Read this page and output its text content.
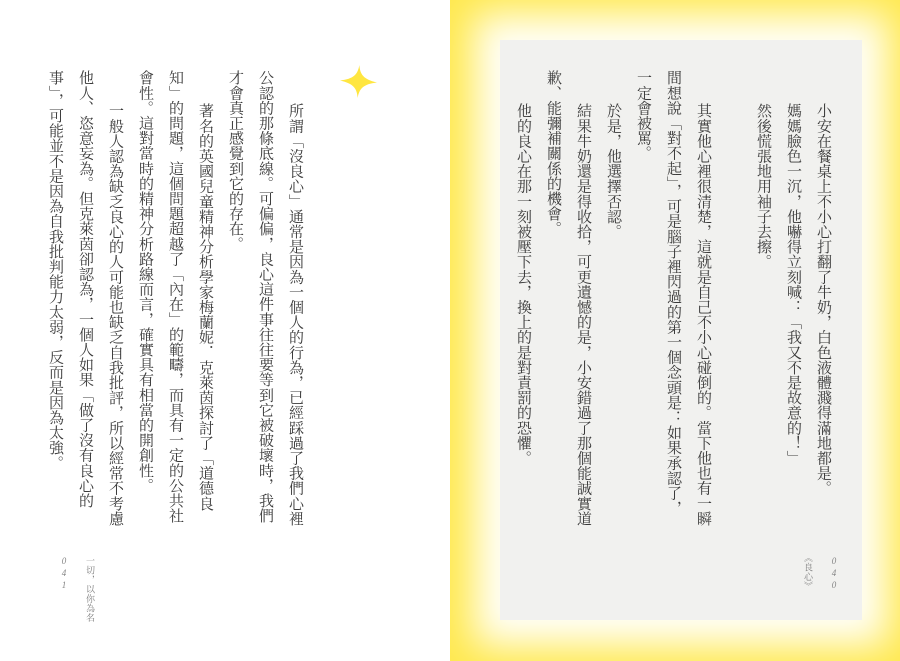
所謂「沒良心」通常是因為一個人的行為，已經踩過了我們心裡公認的那條底線。可偏偏，良心這件事往往要等到它被破壞時，我們才會真正感覺到它的存在。

著名的英國兒童精神分析學家梅蘭妮．克萊茵探討了「道德良知」的問題，這個問題超越了「內在」的範疇，而具有一定的公共社會性。這對當時的精神分析路線而言，確實具有相當的開創性。

一般人認為缺乏良心的人可能也缺乏自我批評，所以經常不考慮他人、恣意妄為。但克萊茵卻認為，一個人如果「做了沒有良心的事」，可能並不是因為自我批判能力太弱，反而是因為太強。

041 一切，以你為名

小安在餐桌上不小心打翻了牛奶，白色液體濺得滿地都是。

媽媽臉色一沉，他嚇得立刻喊：「我又不是故意的！」

然後慌張地用袖子去擦。

其實他心裡很清楚，這就是自己不小心碰倒的。當下他也有一瞬間想說「對不起」，可是腦子裡閃過的第一個念頭是：如果承認了，一定會被罵。

於是，他選擇否認。

結果牛奶還是得收拾，可更遺憾的是，小安錯過了那個能誠實道歉、能彌補關係的機會。

他的良心在那一刻被壓下去，換上的是對責罰的恐懼。

《良心》 040
